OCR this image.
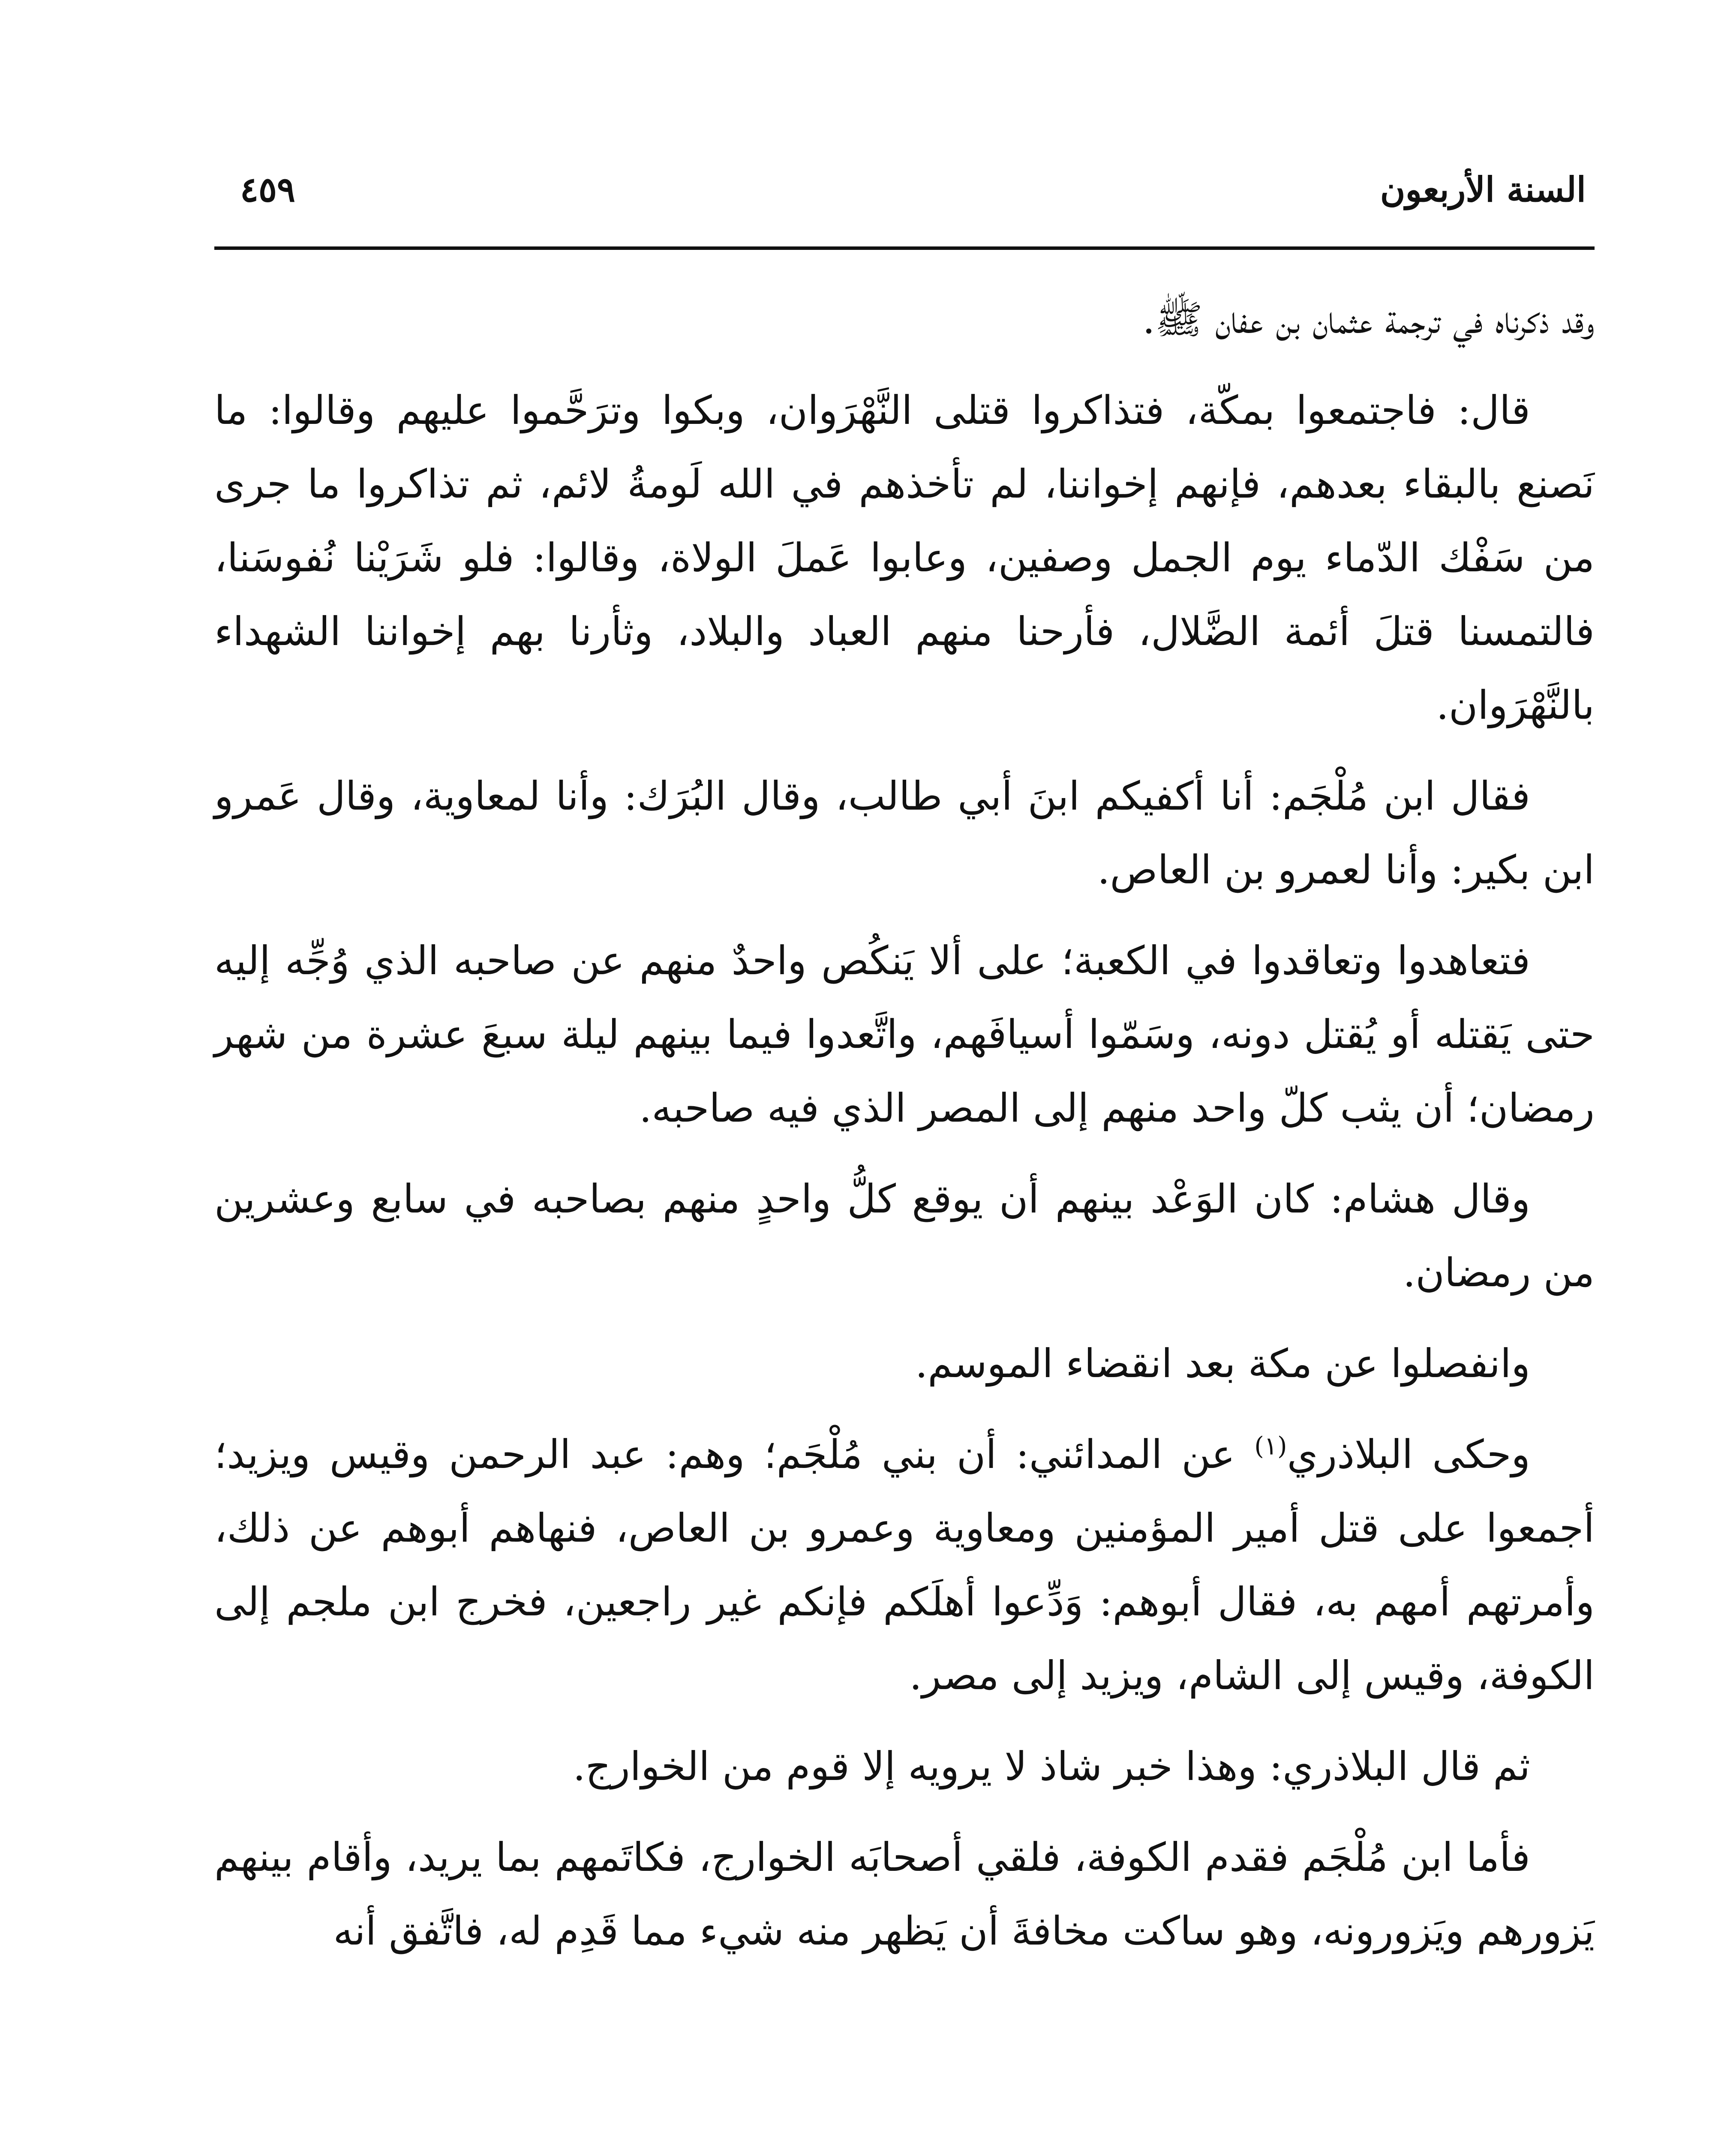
السنة الأربعون
٤٥٩

وقد ذكرناه في ترجمة عثمان بن عفان ﷺ.

قال: فاجتمعوا بمكّة، فتذاكروا قتلى النَّهْرَوان، وبكوا وترَحَّموا عليهم وقالوا: ما نَصنع بالبقاء بعدهم، فإنهم إخواننا، لم تأخذهم في الله لَومةُ لائم، ثم تذاكروا ما جرى من سَفْك الدّماء يوم الجمل وصفين، وعابوا عَملَ الولاة، وقالوا: فلو شَرَيْنا نُفوسَنا، فالتمسنا قتلَ أئمة الضَّلال، فأرحنا منهم العباد والبلاد، وثأرنا بهم إخواننا الشهداء بالنَّهْرَوان.

فقال ابن مُلْجَم: أنا أكفيكم ابنَ أبي طالب، وقال البُرَك: وأنا لمعاوية، وقال عَمرو ابن بكير: وأنا لعمرو بن العاص.

فتعاهدوا وتعاقدوا في الكعبة؛ على ألا يَنكُص واحدٌ منهم عن صاحبه الذي وُجِّه إليه حتى يَقتله أو يُقتل دونه، وسَمّوا أسيافَهم، واتَّعدوا فيما بينهم ليلة سبعَ عشرة من شهر رمضان؛ أن يثب كلّ واحد منهم إلى المصر الذي فيه صاحبه.

وقال هشام: كان الوَعْد بينهم أن يوقع كلُّ واحدٍ منهم بصاحبه في سابع وعشرين من رمضان.

وانفصلوا عن مكة بعد انقضاء الموسم.

وحكى البلاذري$^{(١)}$ عن المدائني: أن بني مُلْجَم؛ وهم: عبد الرحمن وقيس ويزيد؛ أجمعوا على قتل أمير المؤمنين ومعاوية وعمرو بن العاص، فنهاهم أبوهم عن ذلك، وأمرتهم أمهم به، فقال أبوهم: وَدِّعوا أهلَكم فإنكم غير راجعين، فخرج ابن ملجم إلى الكوفة، وقيس إلى الشام، ويزيد إلى مصر.

ثم قال البلاذري: وهذا خبر شاذ لا يرويه إلا قوم من الخوارج.

فأما ابن مُلْجَم فقدم الكوفة، فلقي أصحابَه الخوارج، فكاتَمهم بما يريد، وأقام بينهم يَزورهم ويَزورونه، وهو ساكت مخافةَ أن يَظهر منه شيء مما قَدِم له، فاتَّفق أنه
